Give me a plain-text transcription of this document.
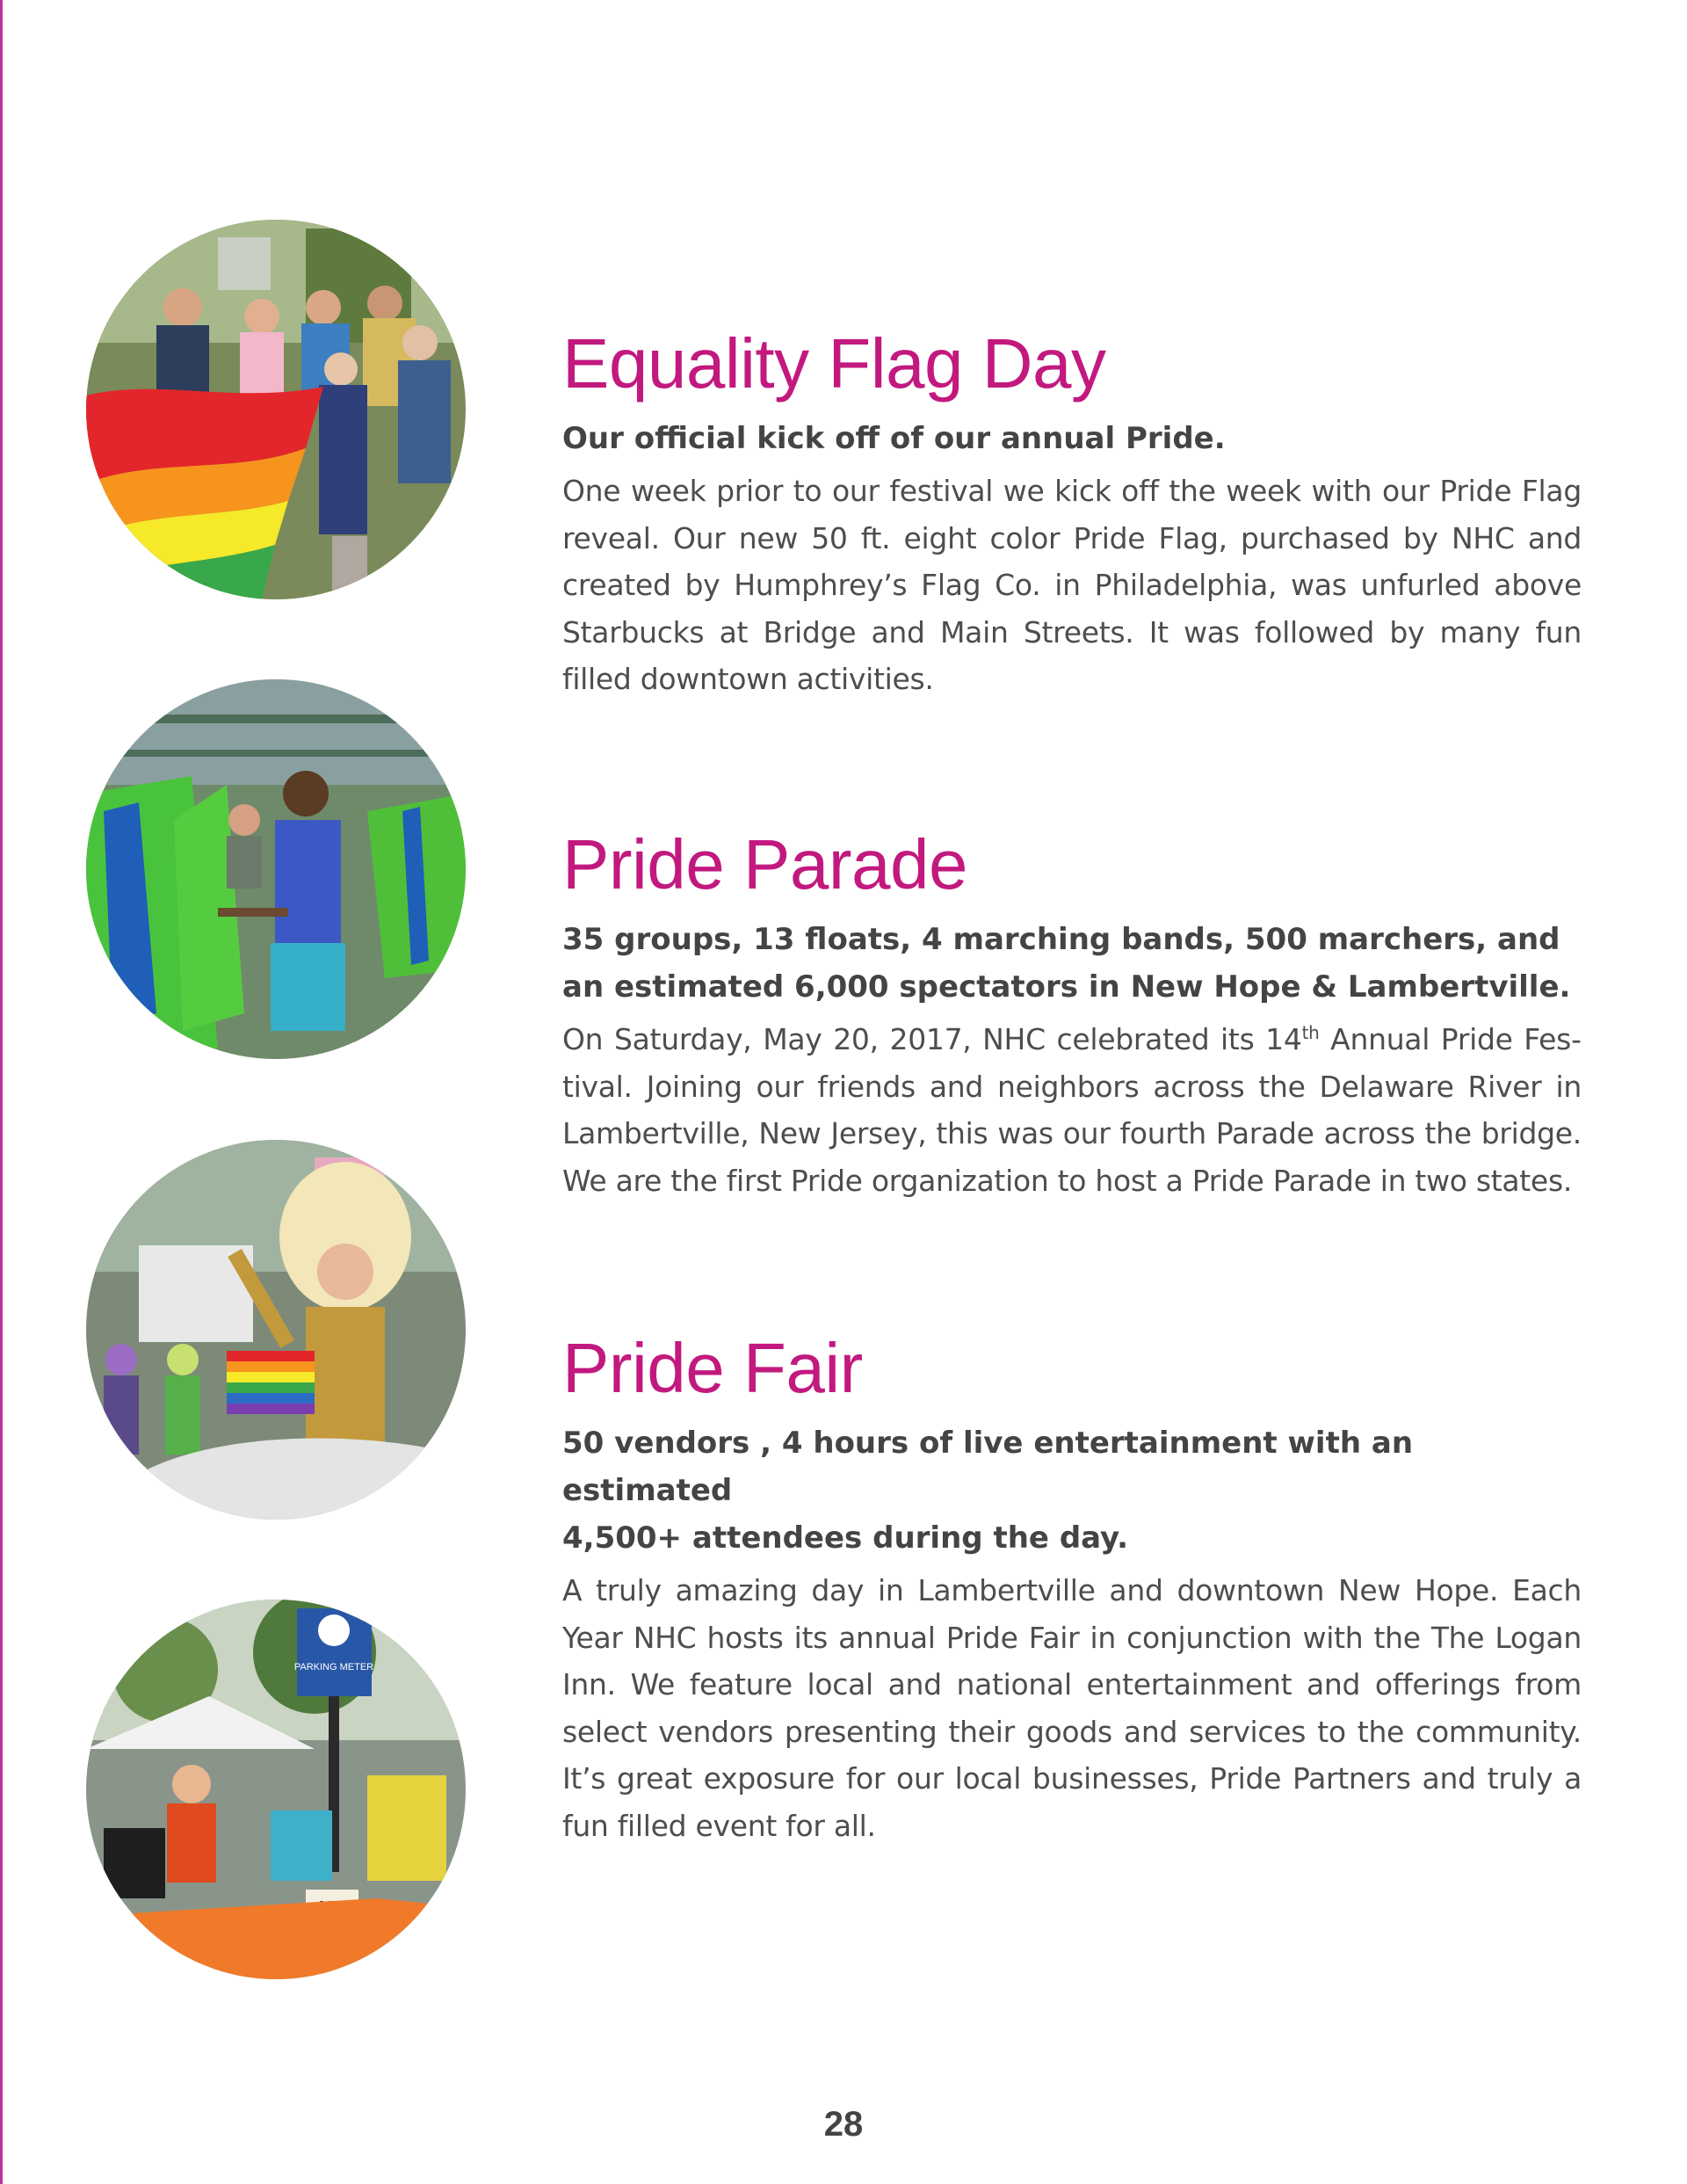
PARKING METER
Equality Flag Day

Our official kick off of our annual Pride.

One week prior to our festival we kick off the week with our Pride Flag reveal. Our new 50 ft. eight color Pride Flag, purchased by NHC and created by Humphrey’s Flag Co. in Philadelphia, was unfurled above Starbucks at Bridge and Main Streets. It was followed by many fun filled downtown activities.

Pride Parade

35 groups, 13 floats, 4 marching bands, 500 marchers, and
an estimated 6,000 spectators in New Hope & Lambertville.

On Saturday, May 20, 2017, NHC celebrated its 14th Annual Pride Festival. Joining our friends and neighbors across the Delaware River in Lambertville, New Jersey, this was our fourth Parade across the bridge. We are the first Pride organization to host a Pride Parade in two states.

Pride Fair

50 vendors , 4 hours of live entertainment with an estimated
4,500+ attendees during the day.

A truly amazing day in Lambertville and downtown New Hope. Each Year NHC hosts its annual Pride Fair in conjunction with the The Logan Inn. We feature local and national entertainment and offerings from select vendors presenting their goods and services to the community. It’s great exposure for our local businesses, Pride Partners and truly a fun filled event for all.

28
